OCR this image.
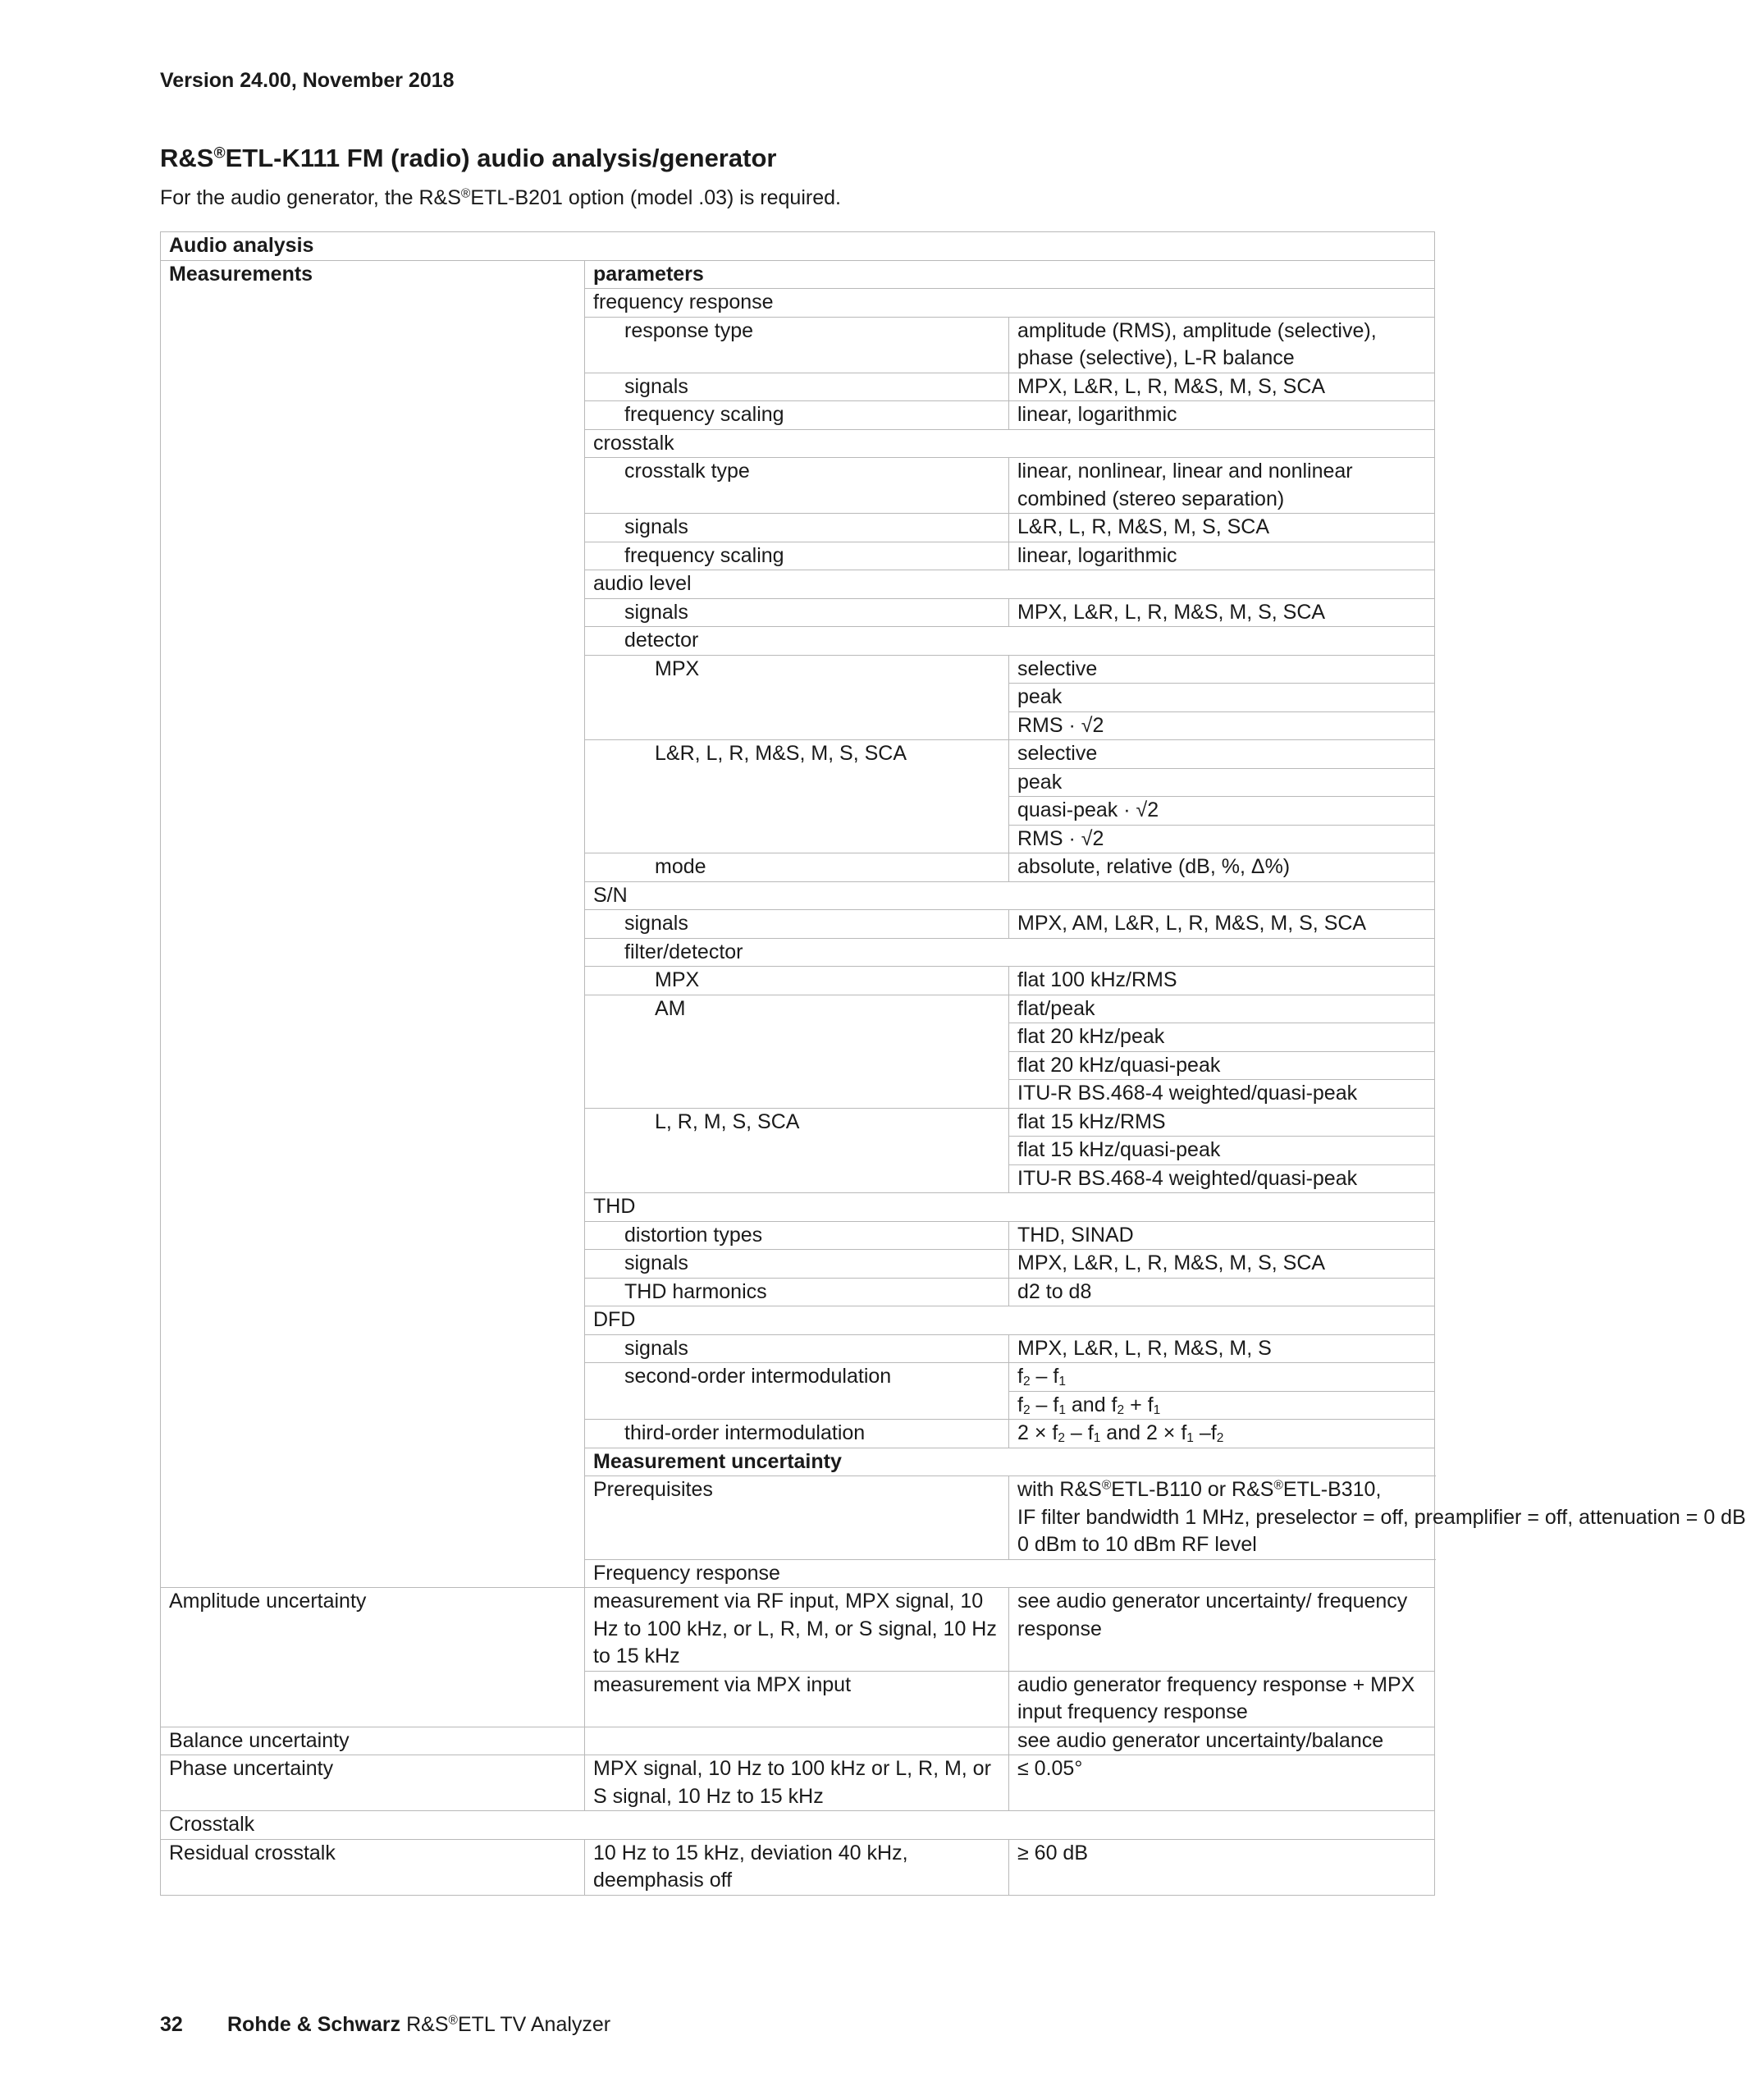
Version 24.00, November 2018
R&S®ETL-K111 FM (radio) audio analysis/generator
For the audio generator, the R&S®ETL-B201 option (model .03) is required.
Audio analysis		
Measurements	parameters	
	frequency response	
	response type	amplitude (RMS), amplitude (selective), phase (selective), L-R balance
	signals	MPX, L&R, L, R, M&S, M, S, SCA
	frequency scaling	linear, logarithmic
	crosstalk	
	crosstalk type	linear, nonlinear, linear and nonlinear combined (stereo separation)
	signals	L&R, L, R, M&S, M, S, SCA
	frequency scaling	linear, logarithmic
	audio level	
	signals	MPX, L&R, L, R, M&S, M, S, SCA
	detector	
	MPX	selective
		peak
		RMS · √2
	L&R, L, R, M&S, M, S, SCA	selective
		peak
		quasi-peak · √2
		RMS · √2
	mode	absolute, relative (dB, %, Δ%)
	S/N	
	signals	MPX, AM, L&R, L, R, M&S, M, S, SCA
	filter/detector	
	MPX	flat 100 kHz/RMS
	AM	flat/peak
		flat 20 kHz/peak
		flat 20 kHz/quasi-peak
		ITU-R BS.468-4 weighted/quasi-peak
	L, R, M, S, SCA	flat 15 kHz/RMS
		flat 15 kHz/quasi-peak
		ITU-R BS.468-4 weighted/quasi-peak
	THD	
	distortion types	THD, SINAD
	signals	MPX, L&R, L, R, M&S, M, S, SCA
	THD harmonics	d2 to d8
	DFD	
	signals	MPX, L&R, L, R, M&S, M, S
	second-order intermodulation	$f_2 - f_1$
		$f_2 - f_1$ and $f_2 + f_1$
	third-order intermodulation	$2 \times f_2 - f_1$ and $2 \times f_1$ $-f_2$
	Measurement uncertainty	
	Prerequisites	with R&S®ETL-B110 or R&S®ETL-B310,
IF filter bandwidth 1 MHz, preselector = off, preamplifier = off, attenuation = 0 dB
0 dBm to 10 dBm RF level
	Frequency response	
Amplitude uncertainty	measurement via RF input, MPX signal, 10 Hz to 100 kHz, or L, R, M, or S signal, 10 Hz to 15 kHz	see audio generator uncertainty/ frequency response
	measurement via MPX input	audio generator frequency response + MPX input frequency response
Balance uncertainty		see audio generator uncertainty/balance
Phase uncertainty	MPX signal, 10 Hz to 100 kHz or L, R, M, or S signal, 10 Hz to 15 kHz	≤ 0.05°
Crosstalk		
Residual crosstalk	10 Hz to 15 kHz, deviation 40 kHz, deemphasis off	≥ 60 dB
32 Rohde & Schwarz R&S®ETL TV Analyzer
